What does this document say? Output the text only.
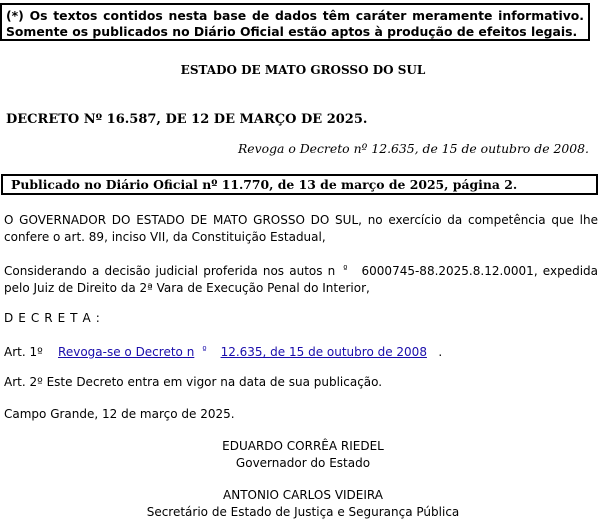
(*) Os textos contidos nesta base de dados têm caráter meramente informativo.
Somente os publicados no Diário Oficial estão aptos à produção de efeitos legais.
ESTADO DE MATO GROSSO DO SUL
DECRETO Nº 16.587, DE 12 DE MARÇO DE 2025.
Revoga o Decreto nº 12.635, de 15 de outubro de 2008.
Publicado no Diário Oficial nº 11.770, de 13 de março de 2025, página 2.
O GOVERNADOR DO ESTADO DE MATO GROSSO DO SUL, no exercício da competência que lhe
confere o art. 89, inciso VII, da Constituição Estadual,
Considerando a decisão judicial proferida nos autos n º 6000745-88.2025.8.12.0001, expedida
pelo Juiz de Direito da 2ª Vara de Execução Penal do Interior,
D E C R E T A :
Art. 1º Revoga-se o Decreto n º 12.635, de 15 de outubro de 2008 .
Art. 2º Este Decreto entra em vigor na data de sua publicação.
Campo Grande, 12 de março de 2025.
EDUARDO CORRÊA RIEDEL
Governador do Estado
ANTONIO CARLOS VIDEIRA
Secretário de Estado de Justiça e Segurança Pública
